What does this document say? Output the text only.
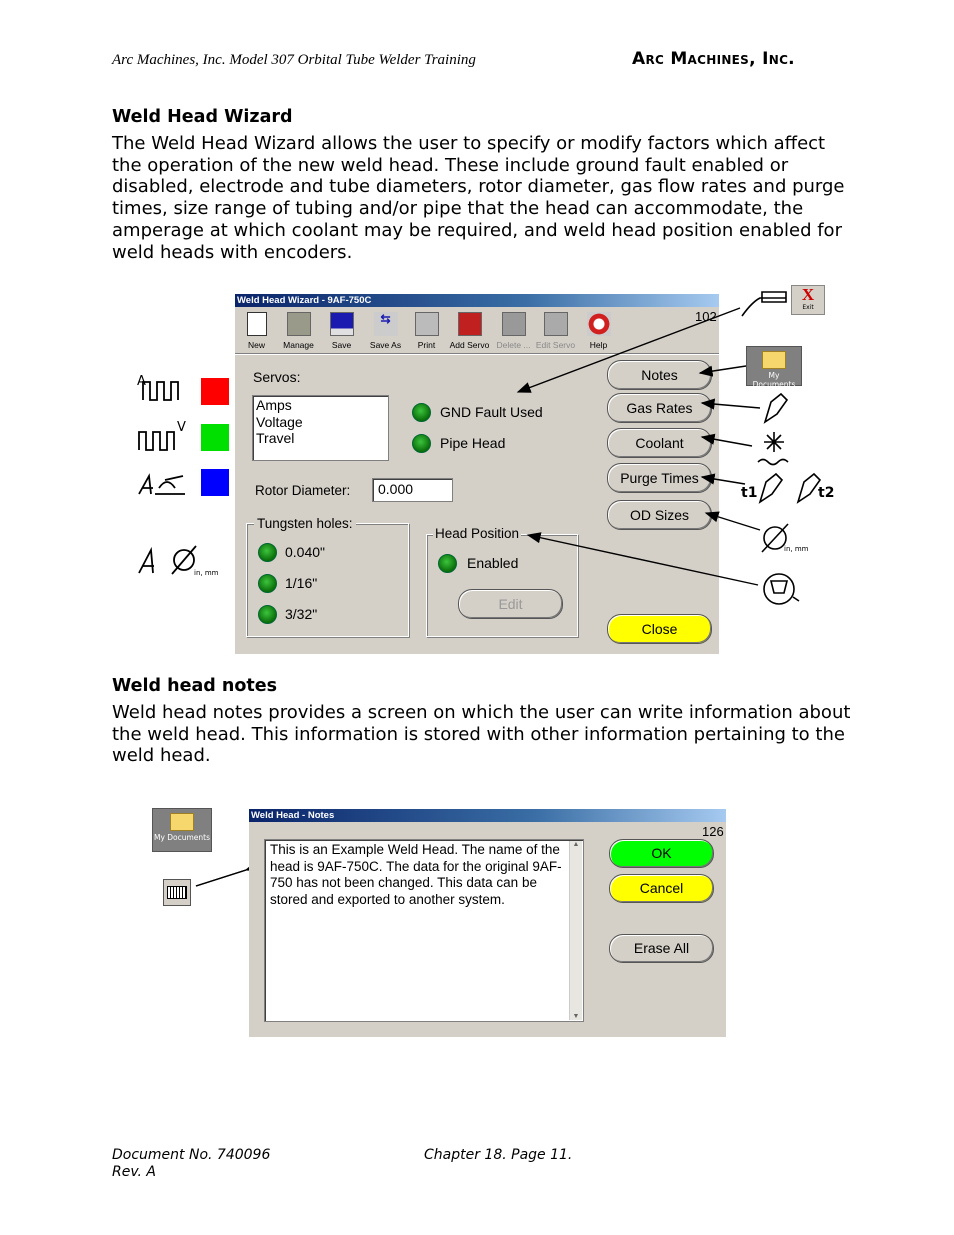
Arc Machines, Inc. Model 307 Orbital Tube Welder Training	Arc Machines, Inc.
Weld Head Wizard
The Weld Head Wizard allows the user to specify or modify factors which affect the operation of the new weld head. These include ground fault enabled or disabled, electrode and tube diameters, rotor diameter, gas flow rates and purge times, size range of tubing and/or pipe that the head can accommodate, the amperage at which coolant may be required, and weld head position enabled for weld heads with encoders.
Weld Head Wizard - 9AF-750C
102
New	Manage	Save
⇆
Save As	Print	Add Servo Delete ... Edit Servo	Help
Servos:
Amps
Voltage
Travel
GND Fault Used
Pipe Head
Rotor Diameter:	0.000
Tungsten holes:
0.040"
1/16"
3/32"
Head Position
Enabled
Edit
Notes
Gas Rates
Coolant
Purge Times
OD Sizes
Close
A
V
in, mm
t1	t2
in, mm
X
Exit
My Documents
Weld head notes
Weld head notes provides a screen on which the user can write information about the weld head. This information is stored with other information pertaining to the weld head.
My Documents
Weld Head - Notes
126
This is an Example Weld Head. The name of the head is 9AF-750C. The data for the original 9AF-750 has not been changed. This data can be stored and exported to another system.
▲
▼
OK
Cancel
Erase All
Document No. 740096
Rev. A
Chapter 18. Page 11.
